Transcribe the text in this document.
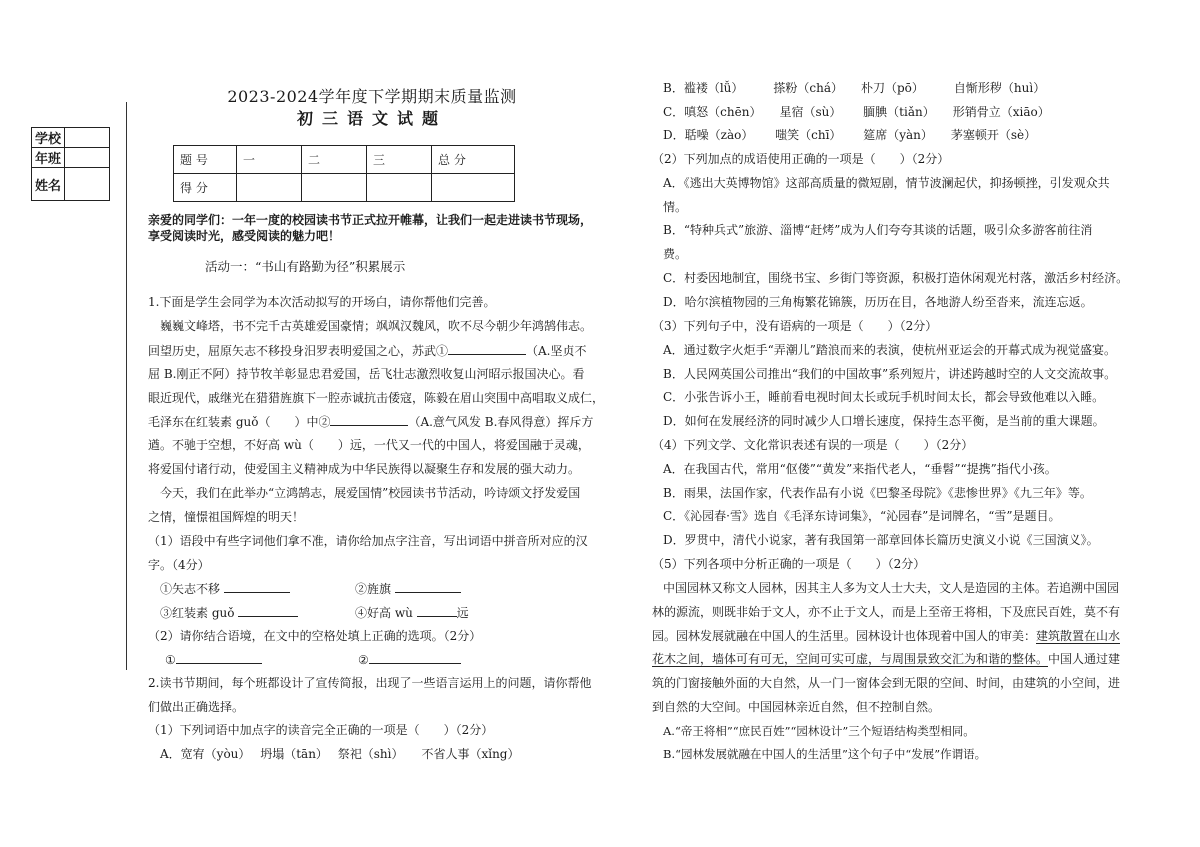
学校	
年班	
姓名	
2023-2024学年度下学期期末质量监测
初三语文试题
题 号	一	二	三	总 分
得 分				
亲爱的同学们：一年一度的校园读书节正式拉开帷幕，让我们一起走进读书节现场，
享受阅读时光，感受阅读的魅力吧！
活动一：“书山有路勤为径”积累展示
1.下面是学生会同学为本次活动拟写的开场白，请你帮他们完善。
巍巍文峰塔，书不完千古英雄爱国豪情；飒飒汉魏风，吹不尽今朝少年鸿鹄伟志。
回望历史，屈原矢志不移投身汨罗表明爱国之心，苏武①	（A.坚贞不
屈 B.刚正不阿）持节牧羊彰显忠君爱国，岳飞壮志激烈收复山河昭示报国决心。看
眼近现代，戚继光在猎猎旌旗下一腔赤诚抗击倭寇，陈毅在眉山突围中高唱取义成仁，
毛泽东在红装素 guǒ（　　）中②	（A.意气风发 B.春风得意）挥斥方
遒。不驰于空想，不好高 wù（　　）远，一代又一代的中国人，将爱国融于灵魂，
将爱国付诸行动，使爱国主义精神成为中华民族得以凝聚生存和发展的强大动力。
今天，我们在此举办“立鸿鹄志，展爱国情”校园读书节活动，吟诗颂文抒发爱国
之情，憧憬祖国辉煌的明天！
（1）语段中有些字词他们拿不准，请你给加点字注音，写出词语中拼音所对应的汉
字。（4分）
①矢志不移	②旌旗
③红装素 guǒ	④好高 wù	远
（2）请你结合语境，在文中的空格处填上正确的选项。（2分）
①	②
2.读书节期间，每个班都设计了宣传简报，出现了一些语言运用上的问题，请你帮他
们做出正确选择。
（1）下列词语中加点字的读音完全正确的一项是（　　）（2分）
A．宽宥（yòu）　 坍塌（tān）　 祭祀（shì）　　不省人事（xǐng）
B．褴褛（lǚ）　　　搽粉（chá）　　朴刀（pō）　　　自惭形秽（huì）
C．嗔怒（chēn）　　星宿（sù）　　 腼腆（tiǎn）　　形销骨立（xiāo）
D．聒噪（zào）　　 嗤笑（chī）　　 筵席（yàn）　　茅塞顿开（sè）
（2）下列加点的成语使用正确的一项是（　　）（2分）
A．《逃出大英博物馆》这部高质量的微短剧，情节波澜起伏，抑扬顿挫，引发观众共
情。
B．“特种兵式”旅游、淄博“赶烤”成为人们夸夸其谈的话题，吸引众多游客前往消
费。
C．村委因地制宜，围绕书宝、乡街门等资源，积极打造休闲观光村落，激活乡村经济。
D．哈尔滨植物园的三角梅繁花锦簇，历历在目，各地游人纷至沓来，流连忘返。
（3）下列句子中，没有语病的一项是（　　）（2分）
A．通过数字火炬手“弄潮儿”踏浪而来的表演，使杭州亚运会的开幕式成为视觉盛宴。
B．人民网英国公司推出“我们的中国故事”系列短片，讲述跨越时空的人文交流故事。
C．小张告诉小王，睡前看电视时间太长或玩手机时间太长，都会导致他难以入睡。
D．如何在发展经济的同时减少人口增长速度，保持生态平衡，是当前的重大课题。
（4）下列文学、文化常识表述有误的一项是（　　）（2分）
A．在我国古代，常用“伛偻”“黄发”来指代老人，“垂髫”“提携”指代小孩。
B．雨果，法国作家，代表作品有小说《巴黎圣母院》《悲惨世界》《九三年》等。
C．《沁园春·雪》选自《毛泽东诗词集》，“沁园春”是词牌名，“雪”是题目。
D．罗贯中，清代小说家，著有我国第一部章回体长篇历史演义小说《三国演义》。
（5）下列各项中分析正确的一项是（　　）（2分）
中国园林又称文人园林，因其主人多为文人士大夫，文人是造园的主体。若追溯中国园
林的源流，则既非始于文人，亦不止于文人，而是上至帝王将相，下及庶民百姓，莫不有
园。园林发展就融在中国人的生活里。园林设计也体现着中国人的审美：建筑散置在山水
花木之间，墙体可有可无，空间可实可虚，与周围景致交汇为和谐的整体。中国人通过建
筑的门窗接触外面的大自然，从一门一窗体会到无限的空间、时间，由建筑的小空间，进
到自然的大空间。中国园林亲近自然，但不控制自然。
A.“帝王将相”“庶民百姓”“园林设计”三个短语结构类型相同。
B.“园林发展就融在中国人的生活里”这个句子中“发展”作谓语。
